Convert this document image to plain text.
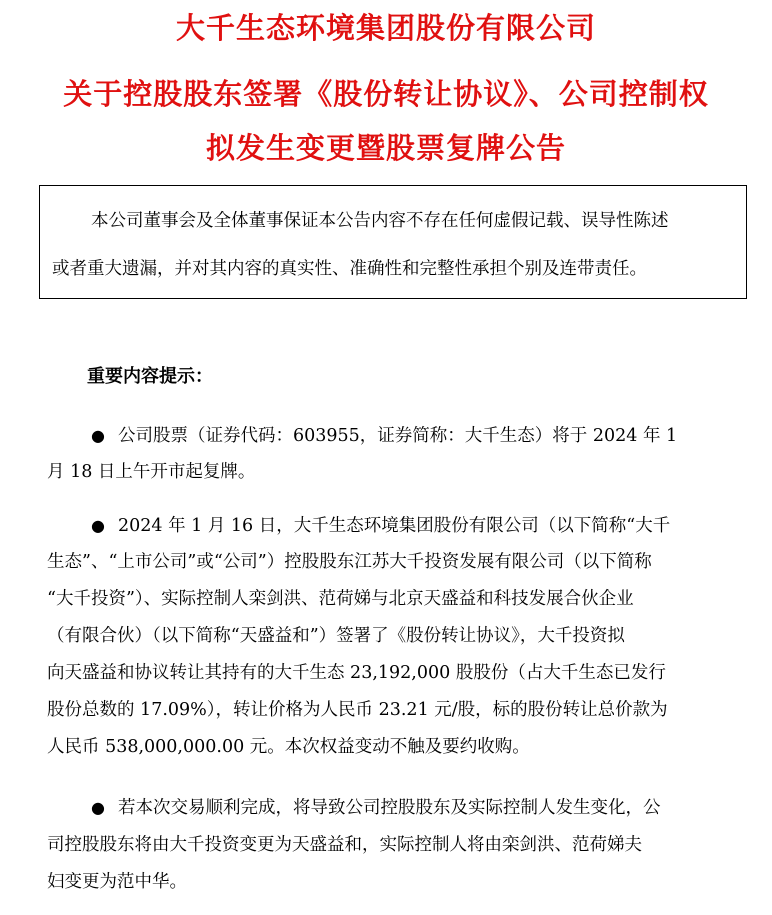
大千生态环境集团股份有限公司
关于控股股东签署《股份转让协议》、公司控制权
拟发生变更暨股票复牌公告
本公司董事会及全体董事保证本公告内容不存在任何虚假记载、误导性陈述
或者重大遗漏，并对其内容的真实性、准确性和完整性承担个别及连带责任。
重要内容提示：
● 公司股票（证券代码：603955，证券简称：大千生态）将于 2024 年 1
月 18 日上午开市起复牌。
● 2024 年 1 月 16 日，大千生态环境集团股份有限公司（以下简称“大千
生态”、“上市公司”或“公司”）控股股东江苏大千投资发展有限公司（以下简称
“大千投资”）、实际控制人栾剑洪、范荷娣与北京天盛益和科技发展合伙企业
（有限合伙）（以下简称“天盛益和”）签署了《股份转让协议》，大千投资拟
向天盛益和协议转让其持有的大千生态 23,192,000 股股份（占大千生态已发行
股份总数的 17.09%），转让价格为人民币 23.21 元/股，标的股份转让总价款为
人民币 538,000,000.00 元。本次权益变动不触及要约收购。
● 若本次交易顺利完成，将导致公司控股股东及实际控制人发生变化，公
司控股股东将由大千投资变更为天盛益和，实际控制人将由栾剑洪、范荷娣夫
妇变更为范中华。
